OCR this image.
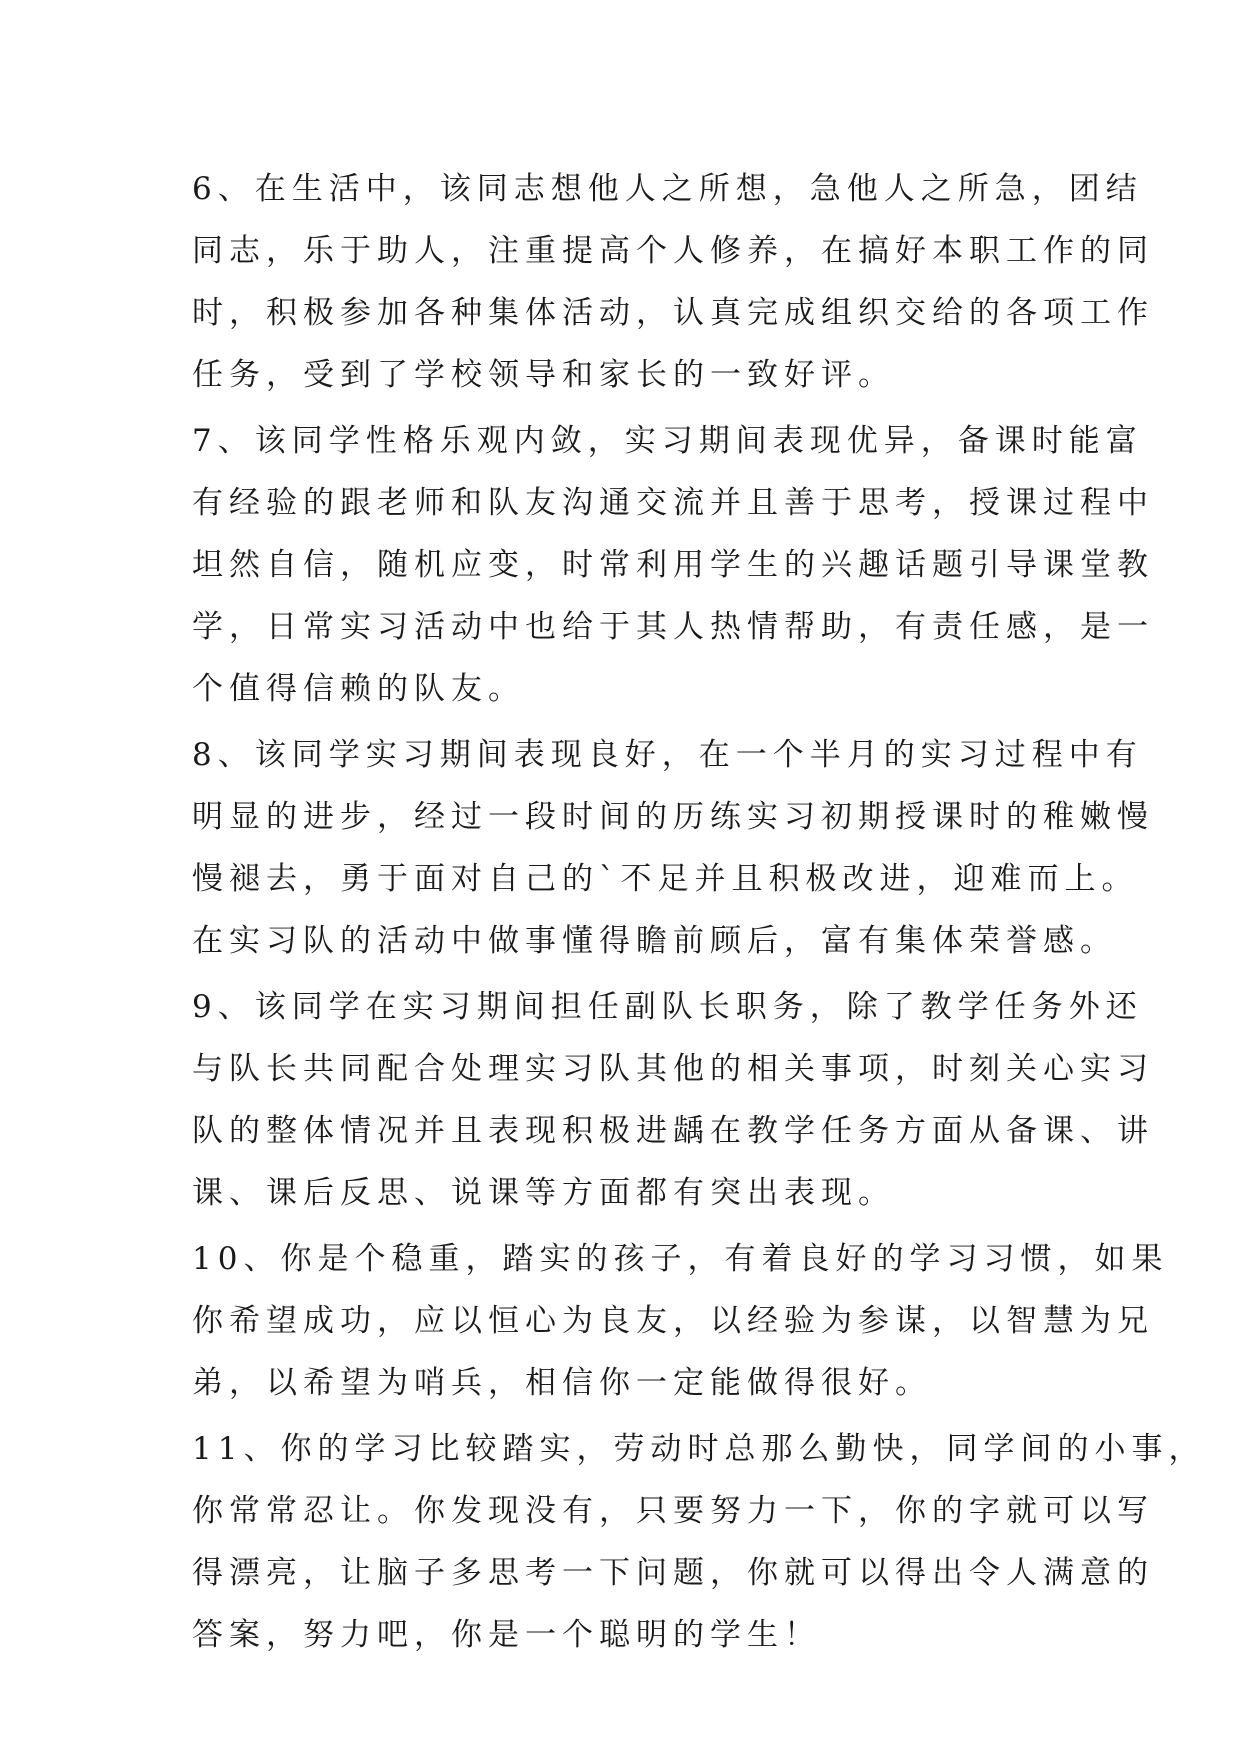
6、在生活中，该同志想他人之所想，急他人之所急，团结
同志，乐于助人，注重提高个人修养，在搞好本职工作的同
时，积极参加各种集体活动，认真完成组织交给的各项工作
任务，受到了学校领导和家长的一致好评。
7、该同学性格乐观内敛，实习期间表现优异，备课时能富
有经验的跟老师和队友沟通交流并且善于思考，授课过程中
坦然自信，随机应变，时常利用学生的兴趣话题引导课堂教
学，日常实习活动中也给于其人热情帮助，有责任感，是一
个值得信赖的队友。
8、该同学实习期间表现良好，在一个半月的实习过程中有
明显的进步，经过一段时间的历练实习初期授课时的稚嫩慢
慢褪去，勇于面对自己的`不足并且积极改进，迎难而上。
在实习队的活动中做事懂得瞻前顾后，富有集体荣誉感。
9、该同学在实习期间担任副队长职务，除了教学任务外还
与队长共同配合处理实习队其他的相关事项，时刻关心实习
队的整体情况并且表现积极进龋在教学任务方面从备课、讲
课、课后反思、说课等方面都有突出表现。
10、你是个稳重，踏实的孩子，有着良好的学习习惯，如果
你希望成功，应以恒心为良友，以经验为参谋，以智慧为兄
弟，以希望为哨兵，相信你一定能做得很好。
11、你的学习比较踏实，劳动时总那么勤快，同学间的小事，
你常常忍让。你发现没有，只要努力一下，你的字就可以写
得漂亮，让脑子多思考一下问题，你就可以得出令人满意的
答案，努力吧，你是一个聪明的学生！
